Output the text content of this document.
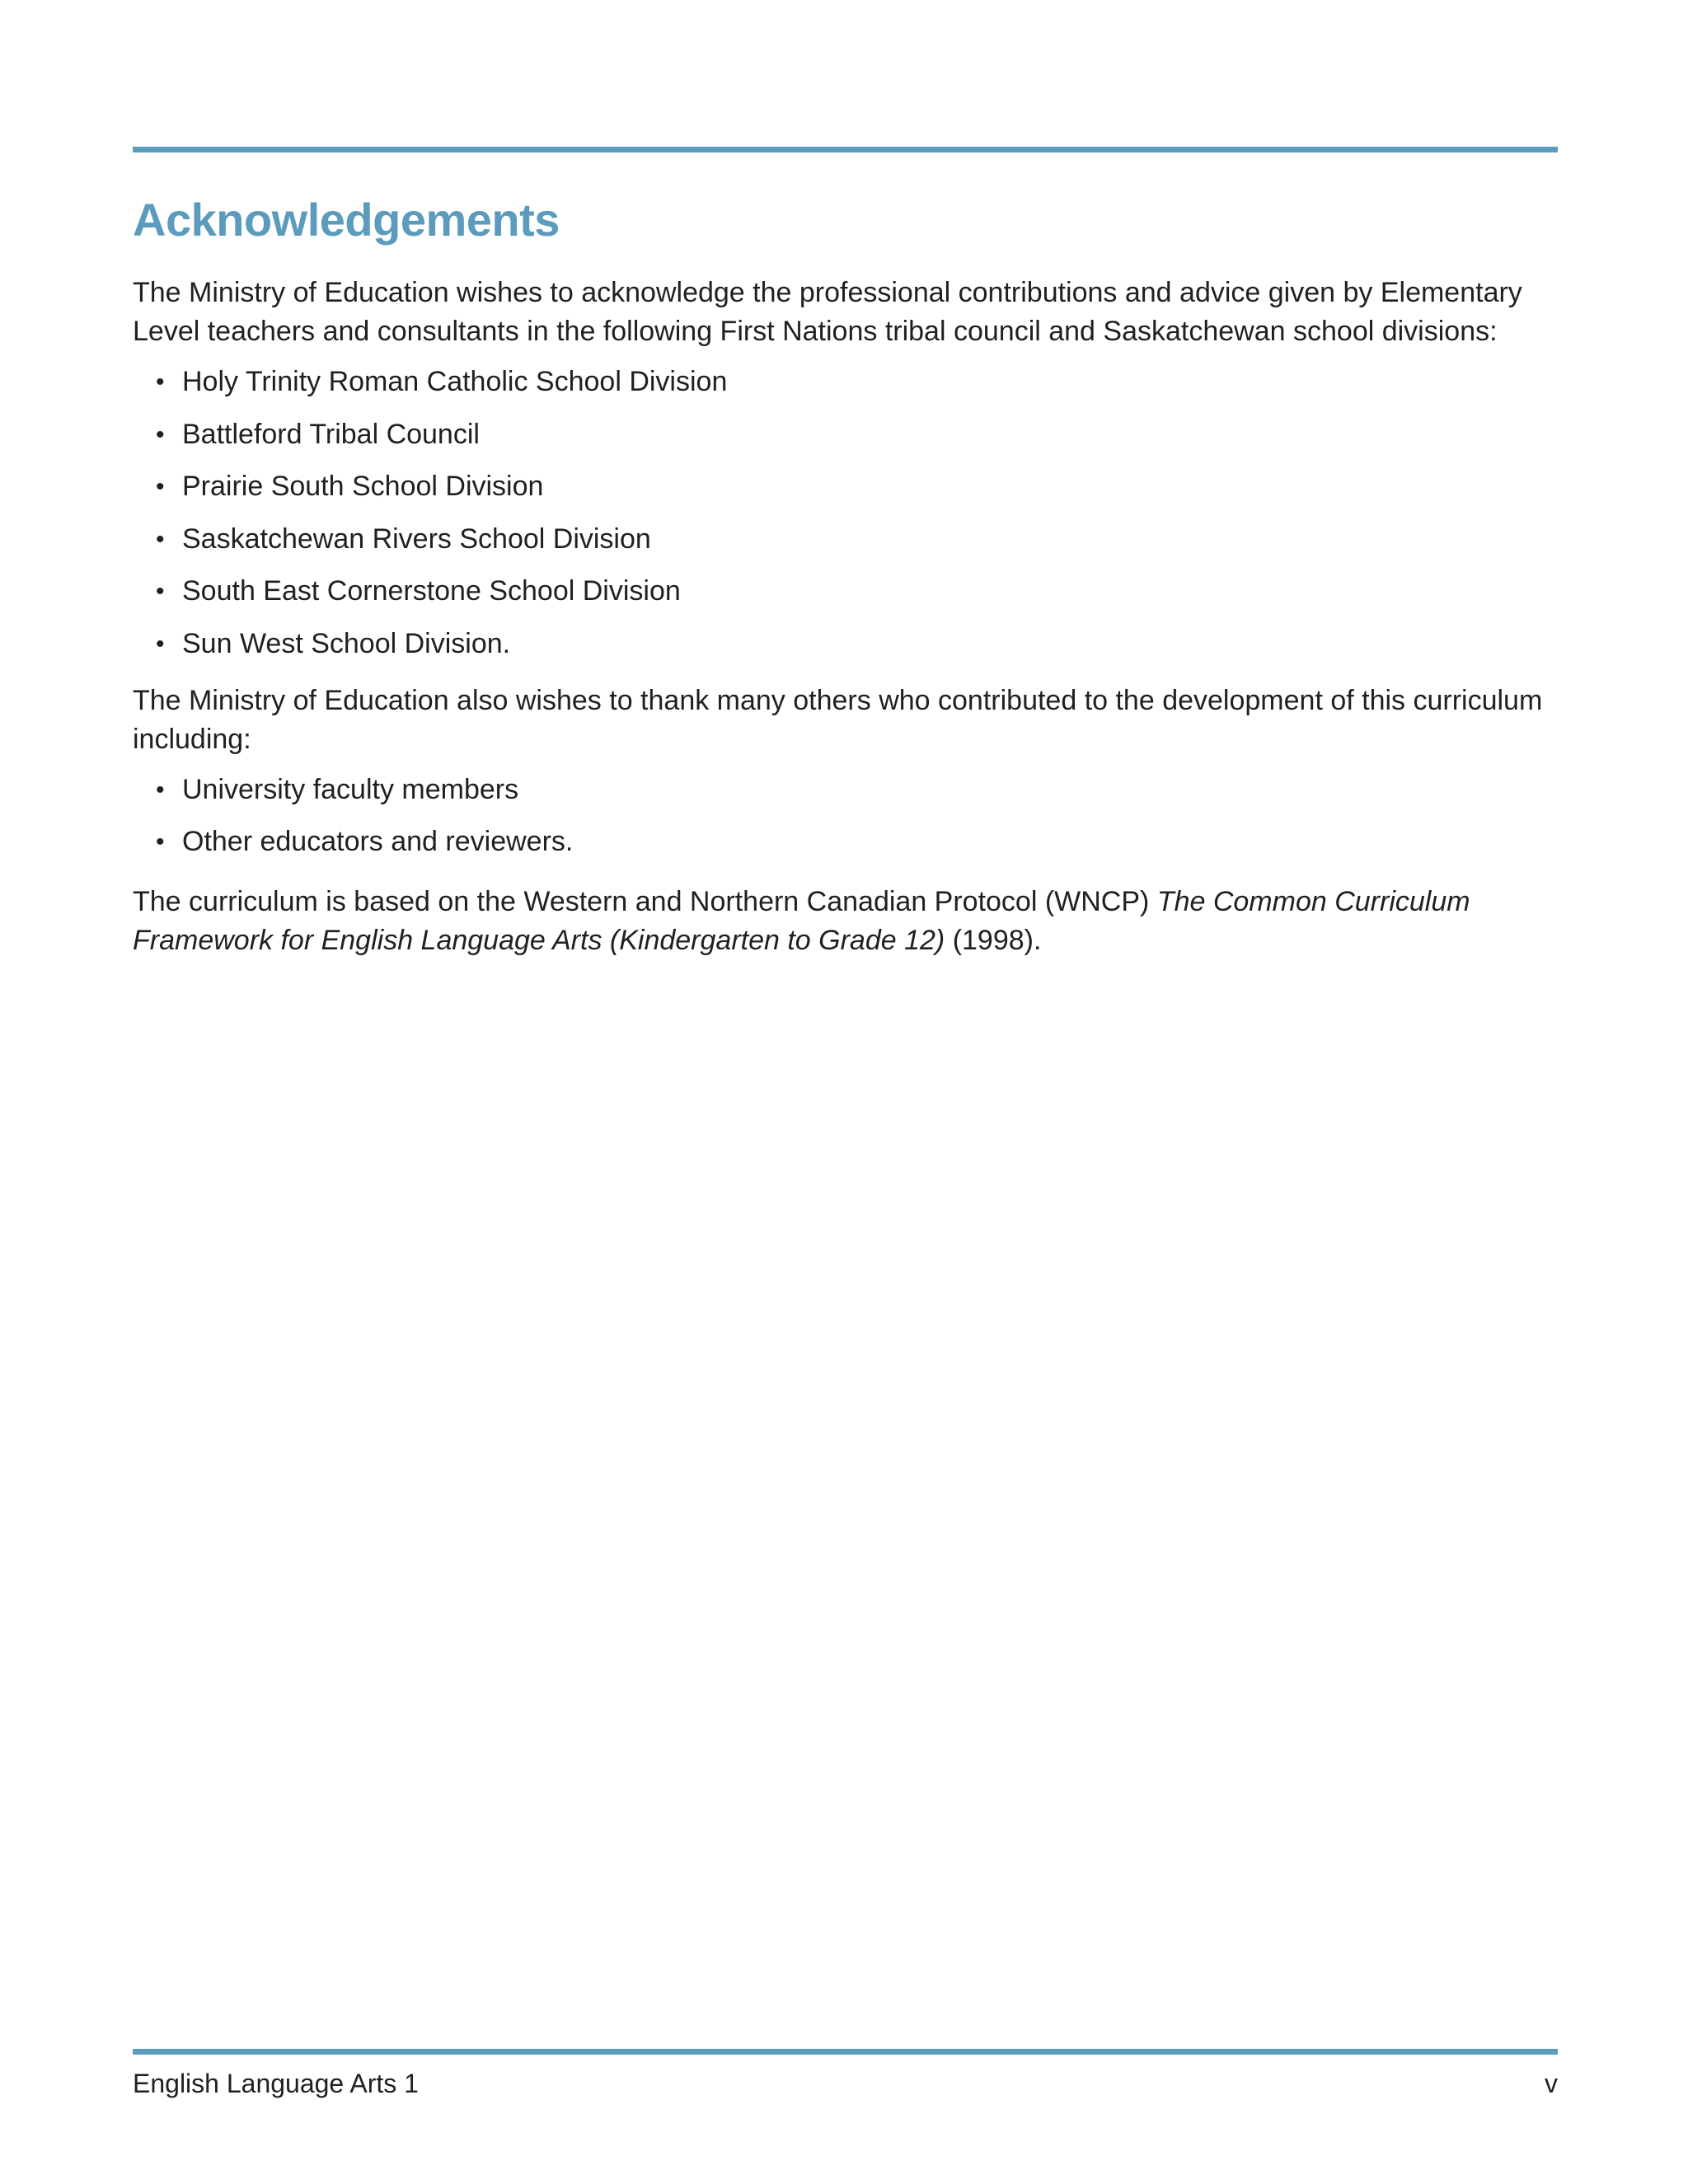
Acknowledgements

The Ministry of Education wishes to acknowledge the professional contributions and advice given by Elementary Level teachers and consultants in the following First Nations tribal council and Saskatchewan school divisions:

• Holy Trinity Roman Catholic School Division
• Battleford Tribal Council
• Prairie South School Division
• Saskatchewan Rivers School Division
• South East Cornerstone School Division
• Sun West School Division.

The Ministry of Education also wishes to thank many others who contributed to the development of this curriculum including:

• University faculty members
• Other educators and reviewers.

The curriculum is based on the Western and Northern Canadian Protocol (WNCP) The Common Curriculum Framework for English Language Arts (Kindergarten to Grade 12) (1998).

English Language Arts 1	v
